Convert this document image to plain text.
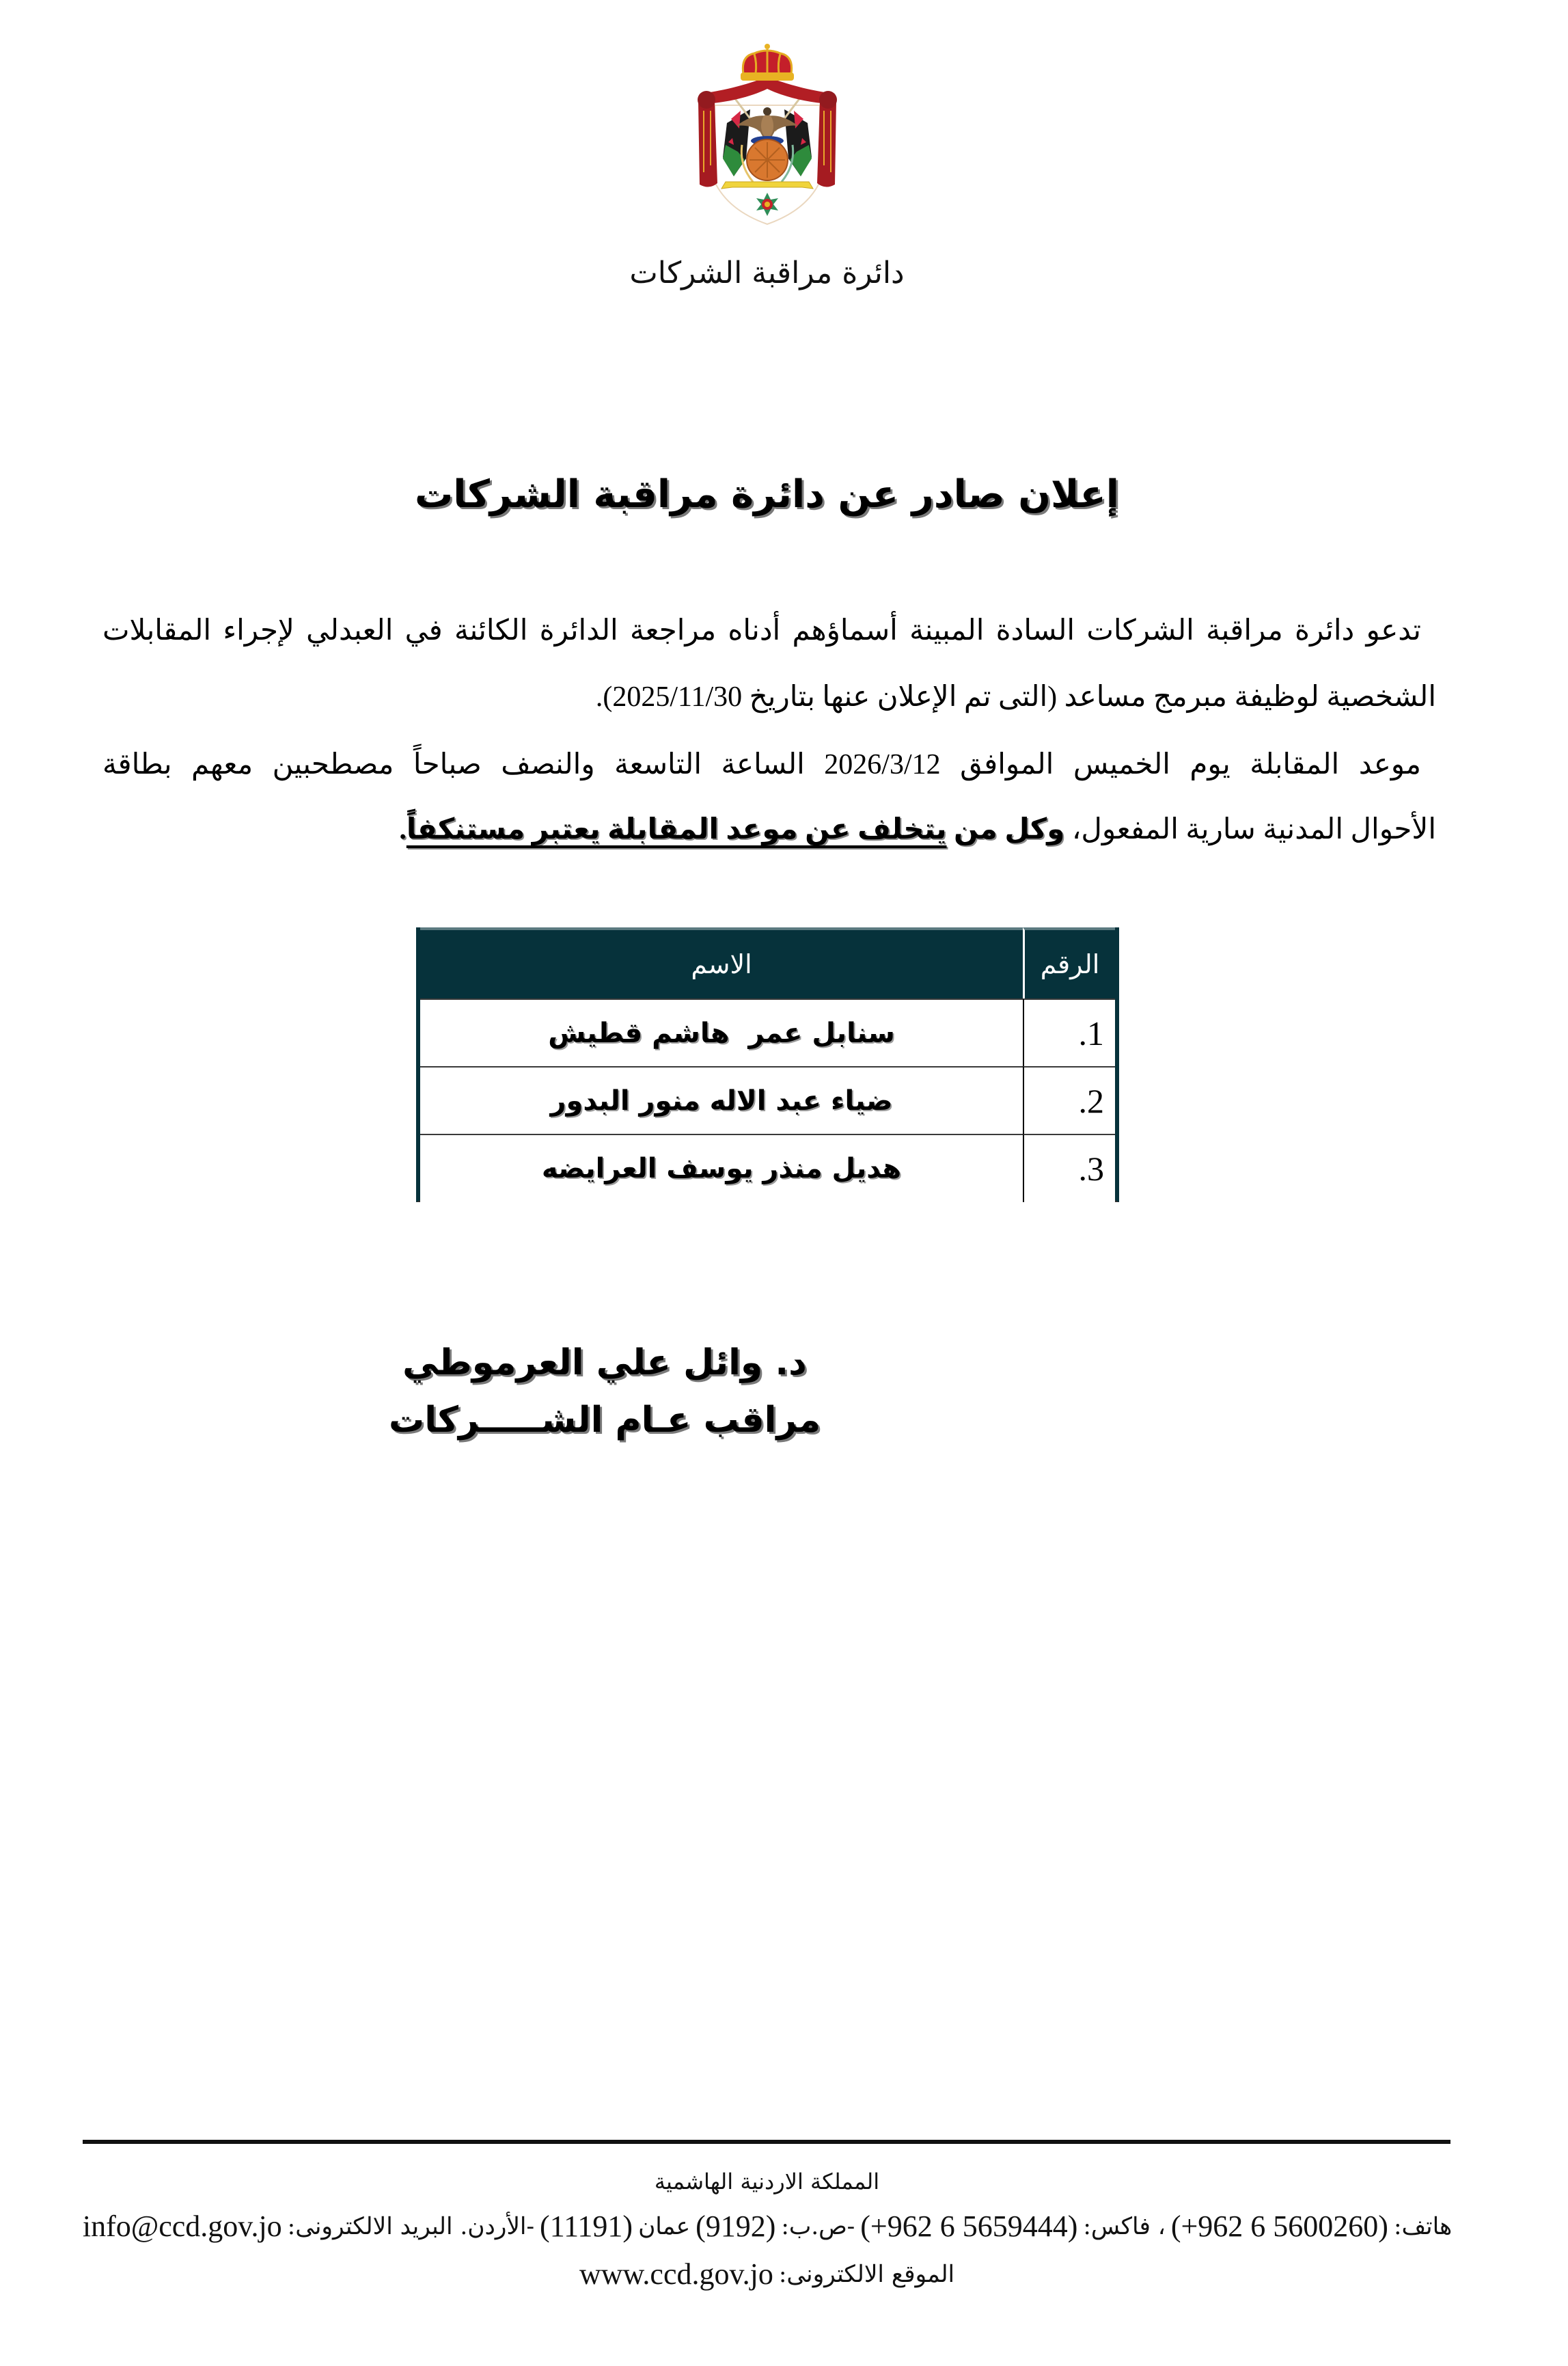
دائرة مراقبة الشركات
إعلان صادر عن دائرة مراقبة الشركات
تدعو دائرة مراقبة الشركات السادة المبينة أسماؤهم أدناه مراجعة الدائرة الكائنة في العبدلي لإجراء المقابلات
الشخصية لوظيفة مبرمج مساعد (التى تم الإعلان عنها بتاريخ 2025/11/30).
موعد المقابلة يوم الخميس الموافق 2026/3/12 الساعة التاسعة والنصف صباحاً مصطحبين معهم بطاقة
الأحوال المدنية سارية المفعول، وكل من يتخلف عن موعد المقابلة يعتبر مستنكفاً.
الرقم
الاسم
1.
سنابل عمر  هاشم قطيش
2.
ضياء عبد الاله منور البدور
3.
هديل منذر يوسف العرايضه
د. وائل علي العرموطي
مراقب عـام الشـــــركات
المملكة الاردنية الهاشمية
هاتف:
(+962 6 5600260)
، فاكس:
(+962 6 5659444)
-ص.ب:
(9192)
عمان
(11191)
-الأردن. البريد الالكترونى:
info@ccd.gov.jo
الموقع الالكترونى:
www.ccd.gov.jo
